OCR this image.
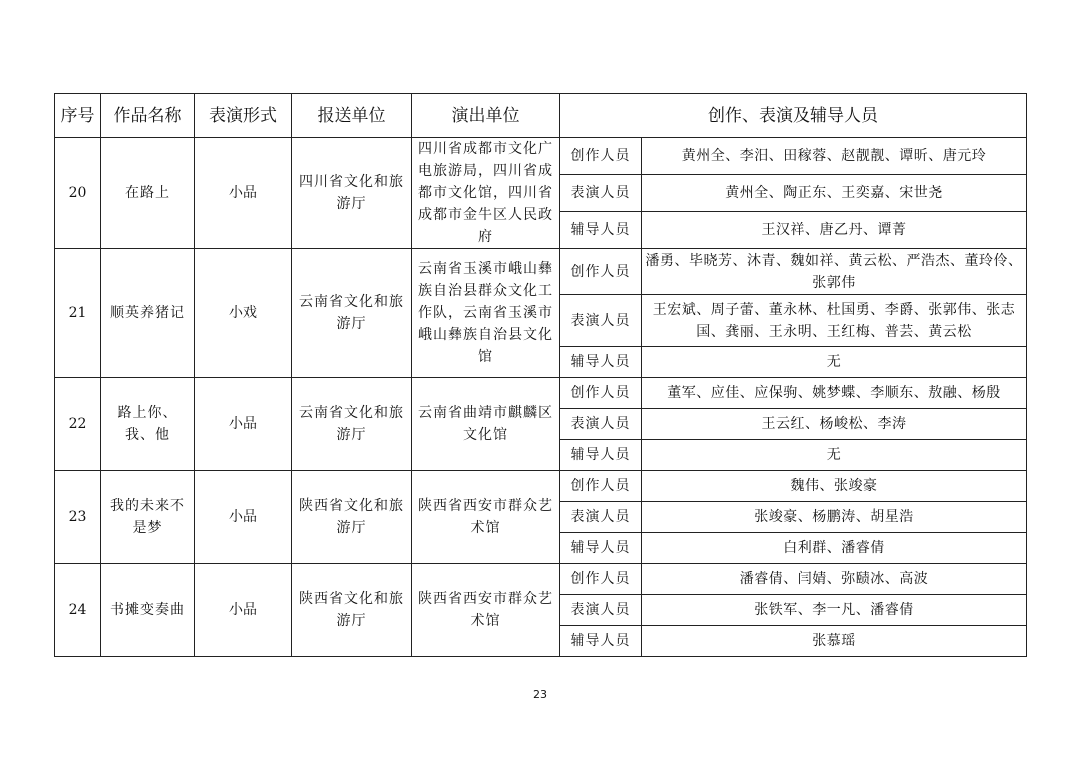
序号	作品名称	表演形式	报送单位	演出单位	创作、表演及辅导人员	
20	在路上	小品	四川省文化和旅游厅	四川省成都市文化广电旅游局，四川省成都市文化馆，四川省成都市金牛区人民政府	创作人员	黄州全、李汨、田稼蓉、赵靓靓、谭昕、唐元玲
					表演人员	黄州全、陶正东、王奕嘉、宋世尧
					辅导人员	王汉祥、唐乙丹、谭菁
21	顺英养猪记	小戏	云南省文化和旅游厅	云南省玉溪市峨山彝族自治县群众文化工作队，云南省玉溪市峨山彝族自治县文化馆	创作人员	潘勇、毕晓芳、沐青、魏如祥、黄云松、严浩杰、董玲伶、张郭伟
					表演人员	王宏斌、周子蕾、董永林、杜国勇、李爵、张郭伟、张志国、龚丽、王永明、王红梅、普芸、黄云松
					辅导人员	无
22	路上你、我、他	小品	云南省文化和旅游厅	云南省曲靖市麒麟区文化馆	创作人员	董军、应佳、应保驹、姚梦蝶、李顺东、敖融、杨殷
					表演人员	王云红、杨峻松、李涛
					辅导人员	无
23	我的未来不是梦	小品	陕西省文化和旅游厅	陕西省西安市群众艺术馆	创作人员	魏伟、张竣豪
					表演人员	张竣豪、杨鹏涛、胡星浩
					辅导人员	白利群、潘睿倩
24	书摊变奏曲	小品	陕西省文化和旅游厅	陕西省西安市群众艺术馆	创作人员	潘睿倩、闫婧、弥赜冰、高波
					表演人员	张铁军、李一凡、潘睿倩
					辅导人员	张慕瑶
23
